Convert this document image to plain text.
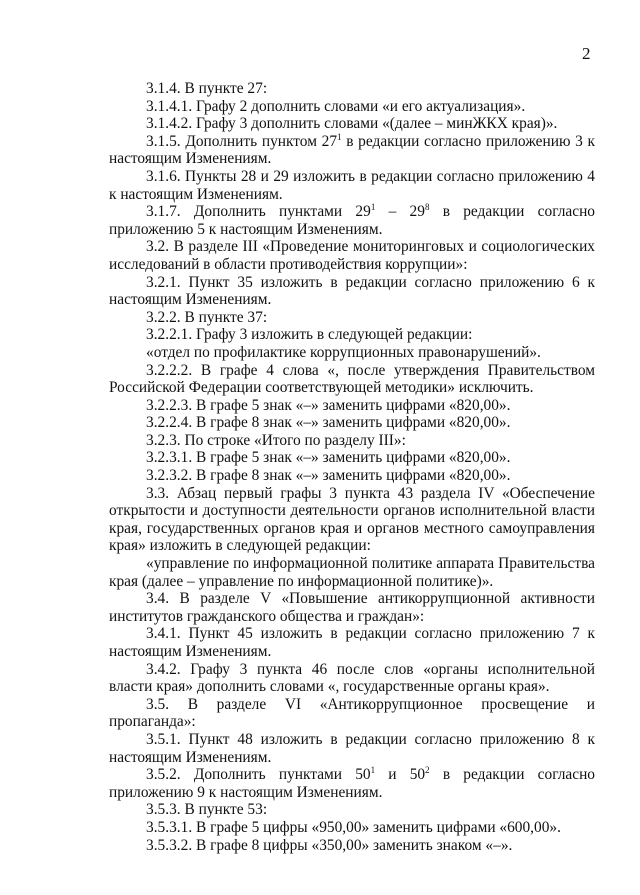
2

3.1.4. В пункте 27:

3.1.4.1. Графу 2 дополнить словами «и его актуализация».

3.1.4.2. Графу 3 дополнить словами «(далее – минЖКХ края)».

3.1.5. Дополнить пунктом $27^1$ в редакции согласно приложению 3 к настоящим Изменениям.

3.1.6. Пункты 28 и 29 изложить в редакции согласно приложению 4 к настоящим Изменениям.

3.1.7. Дополнить пунктами $29^1 - 29^8$ в редакции согласно приложению 5 к настоящим Изменениям.

3.2. В разделе III «Проведение мониторинговых и социологических исследований в области противодействия коррупции»:

3.2.1. Пункт 35 изложить в редакции согласно приложению 6 к настоящим Изменениям.

3.2.2. В пункте 37:

3.2.2.1. Графу 3 изложить в следующей редакции:

«отдел по профилактике коррупционных правонарушений».

3.2.2.2. В графе 4 слова «, после утверждения Правительством Российской Федерации соответствующей методики» исключить.

3.2.2.3. В графе 5 знак «–» заменить цифрами «820,00».

3.2.2.4. В графе 8 знак «–» заменить цифрами «820,00».

3.2.3. По строке «Итого по разделу III»:

3.2.3.1. В графе 5 знак «–» заменить цифрами «820,00».

3.2.3.2. В графе 8 знак «–» заменить цифрами «820,00».

3.3. Абзац первый графы 3 пункта 43 раздела IV «Обеспечение открытости и доступности деятельности органов исполнительной власти края, государственных органов края и органов местного самоуправления края» изложить в следующей редакции:

«управление по информационной политике аппарата Правительства края (далее – управление по информационной политике)».

3.4. В разделе V «Повышение антикоррупционной активности институтов гражданского общества и граждан»:

3.4.1. Пункт 45 изложить в редакции согласно приложению 7 к настоящим Изменениям.

3.4.2. Графу 3 пункта 46 после слов «органы исполнительной власти края» дополнить словами «, государственные органы края».

3.5. В разделе VI «Антикоррупционное просвещение и пропаганда»:

3.5.1. Пункт 48 изложить в редакции согласно приложению 8 к настоящим Изменениям.

3.5.2. Дополнить пунктами $50^1$ и $50^2$ в редакции согласно приложению 9 к настоящим Изменениям.

3.5.3. В пункте 53:

3.5.3.1. В графе 5 цифры «950,00» заменить цифрами «600,00».

3.5.3.2. В графе 8 цифры «350,00» заменить знаком «–».
